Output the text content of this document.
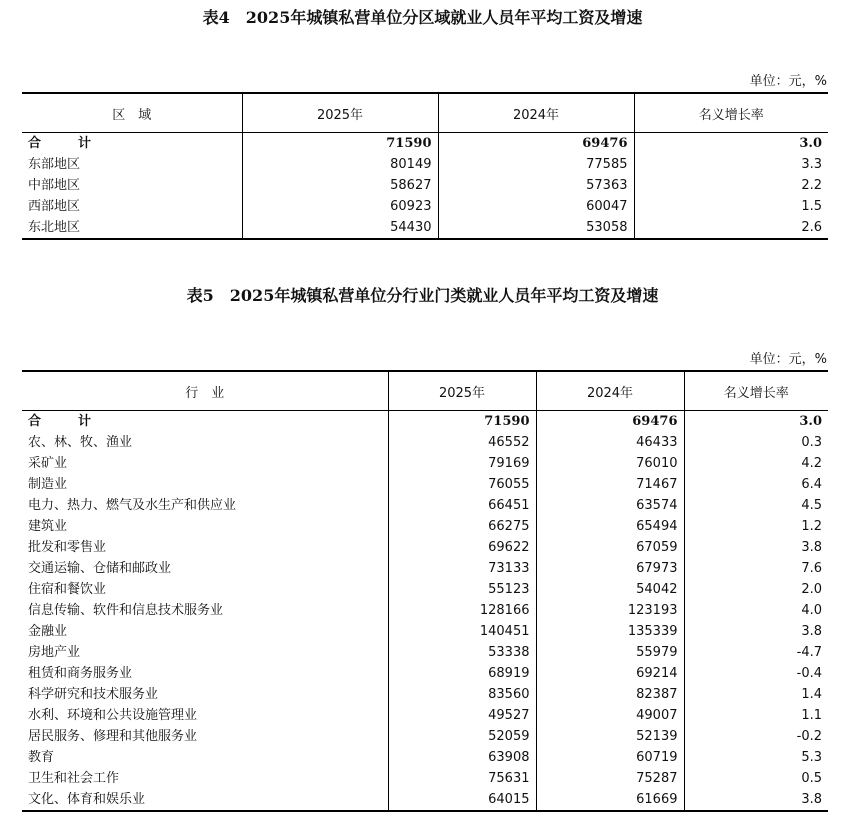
表4　2025年城镇私营单位分区域就业人员年平均工资及增速
单位：元，%
区　域	2025年	2024年	名义增长率
合　计	71590	69476	3.0
东部地区	80149	77585	3.3
中部地区	58627	57363	2.2
西部地区	60923	60047	1.5
东北地区	54430	53058	2.6
表5　2025年城镇私营单位分行业门类就业人员年平均工资及增速
单位：元，%
行　业	2025年	2024年	名义增长率
合　计	71590	69476	3.0
农、林、牧、渔业	46552	46433	0.3
采矿业	79169	76010	4.2
制造业	76055	71467	6.4
电力、热力、燃气及水生产和供应业	66451	63574	4.5
建筑业	66275	65494	1.2
批发和零售业	69622	67059	3.8
交通运输、仓储和邮政业	73133	67973	7.6
住宿和餐饮业	55123	54042	2.0
信息传输、软件和信息技术服务业	128166	123193	4.0
金融业	140451	135339	3.8
房地产业	53338	55979	-4.7
租赁和商务服务业	68919	69214	-0.4
科学研究和技术服务业	83560	82387	1.4
水利、环境和公共设施管理业	49527	49007	1.1
居民服务、修理和其他服务业	52059	52139	-0.2
教育	63908	60719	5.3
卫生和社会工作	75631	75287	0.5
文化、体育和娱乐业	64015	61669	3.8
